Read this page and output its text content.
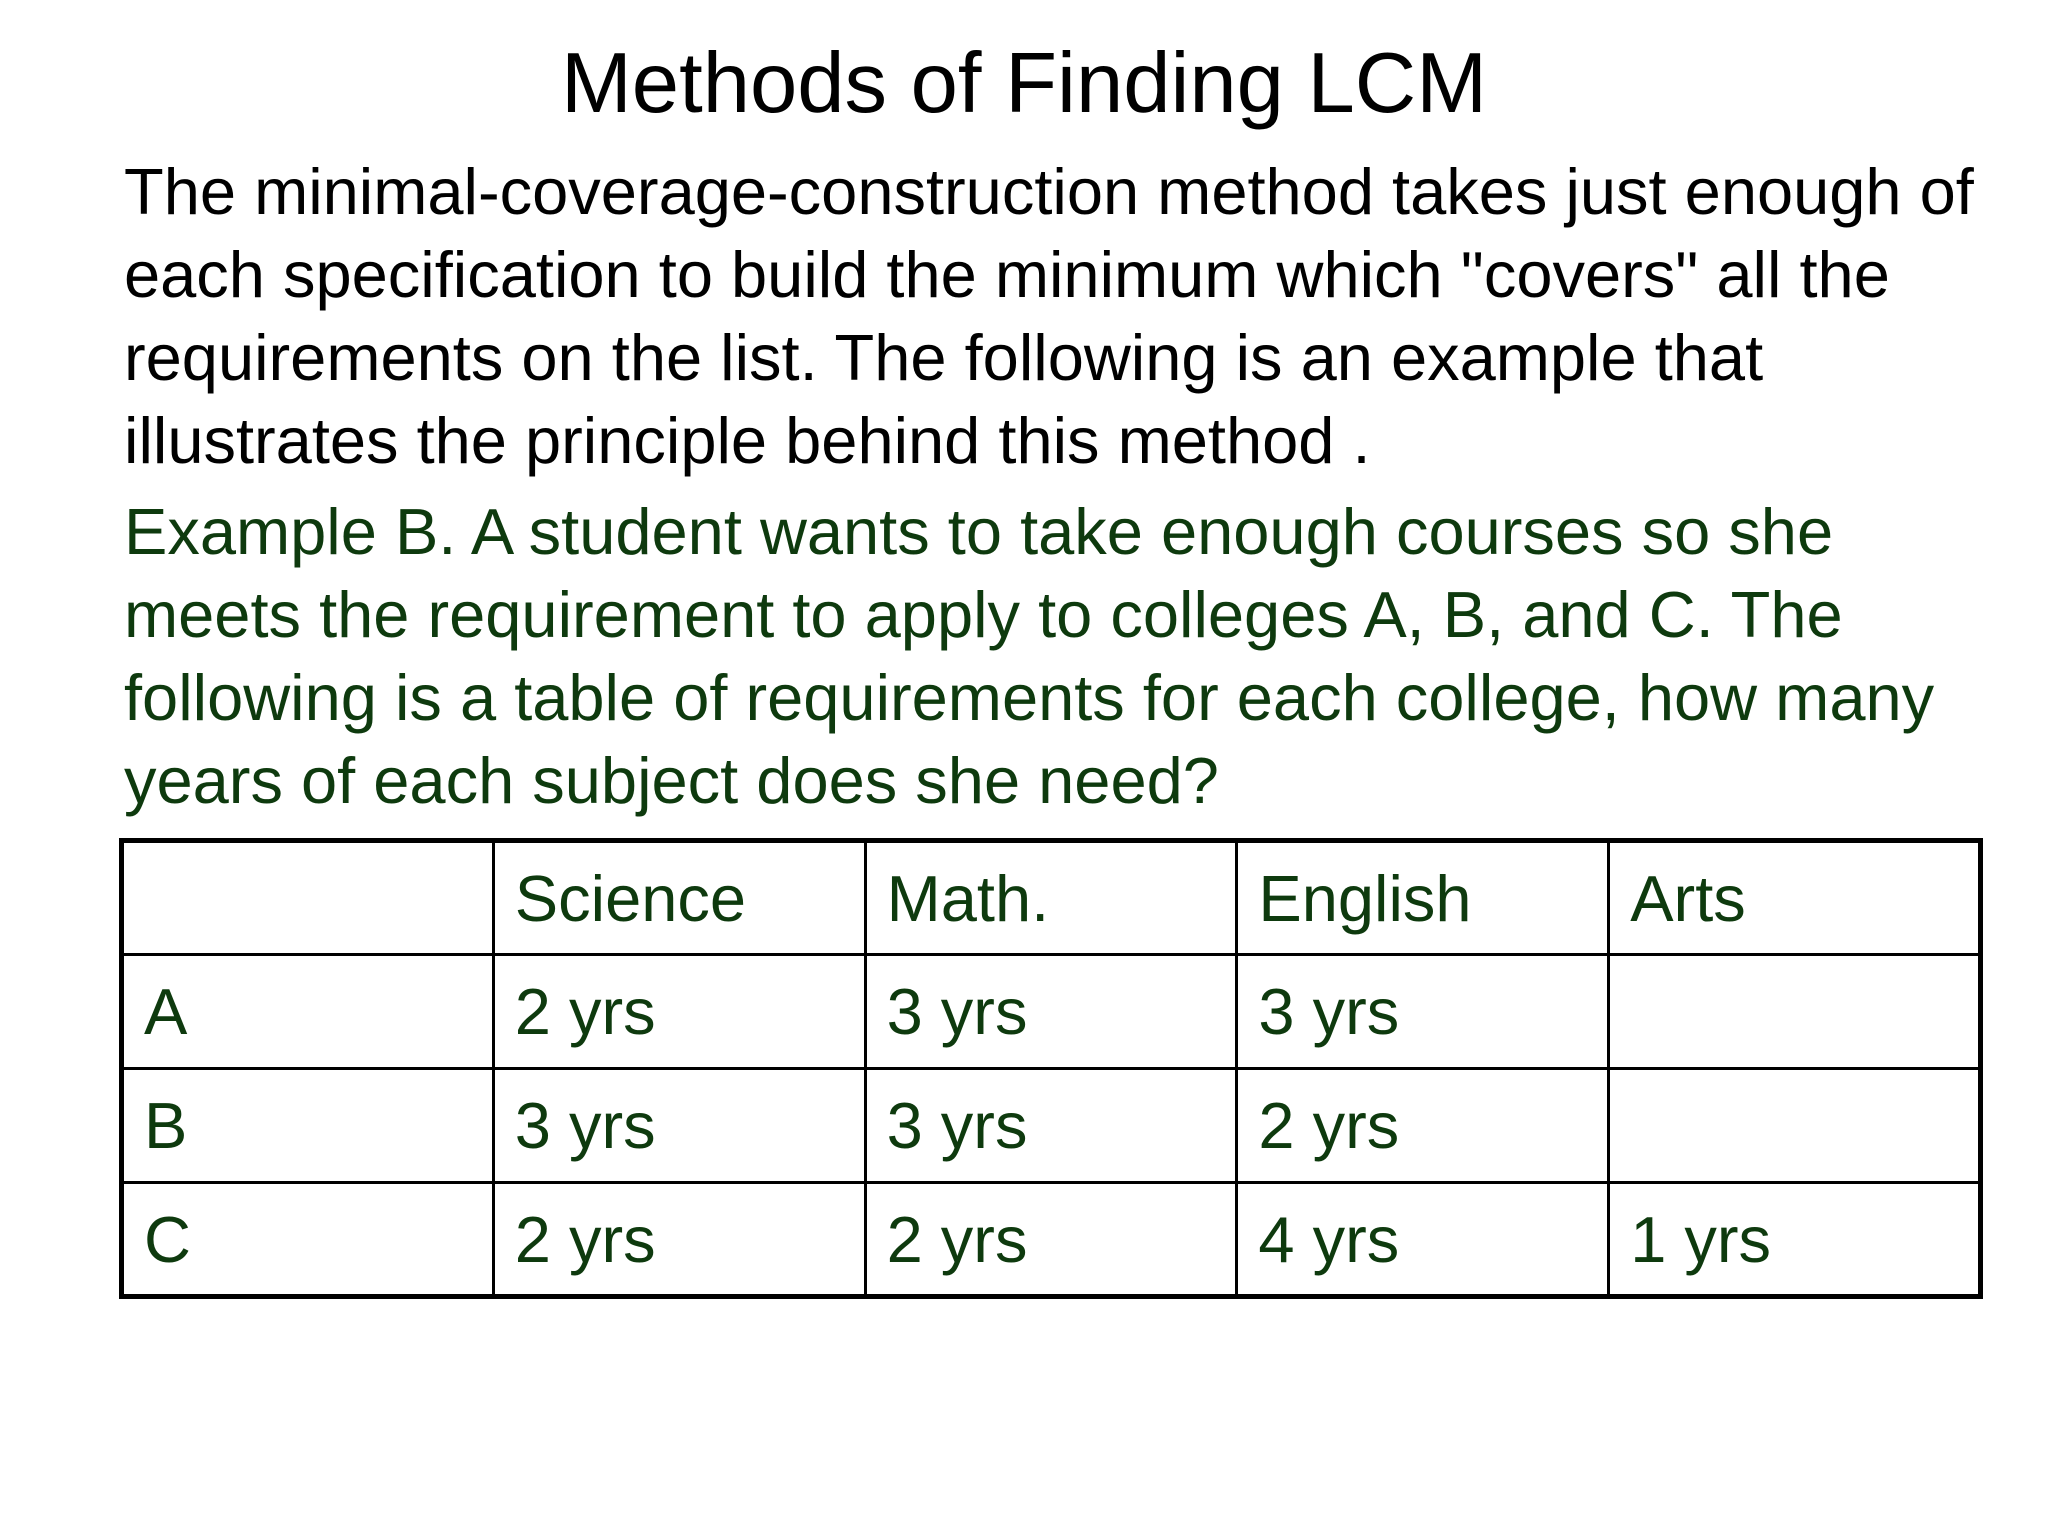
Methods of Finding LCM

The minimal-coverage-construction method takes just enough of each specification to build the minimum which "covers" all the requirements on the list. The following is an example that illustrates the principle behind this method .

Example B. A student wants to take enough courses so she meets the requirement to apply to colleges A, B, and C. The following is a table of requirements for each college, how many years of each subject does she need?

	Science	Math.	English	Arts
A	2 yrs	3 yrs	3 yrs	
B	3 yrs	3 yrs	2 yrs	
C	2 yrs	2 yrs	4 yrs	1 yrs
